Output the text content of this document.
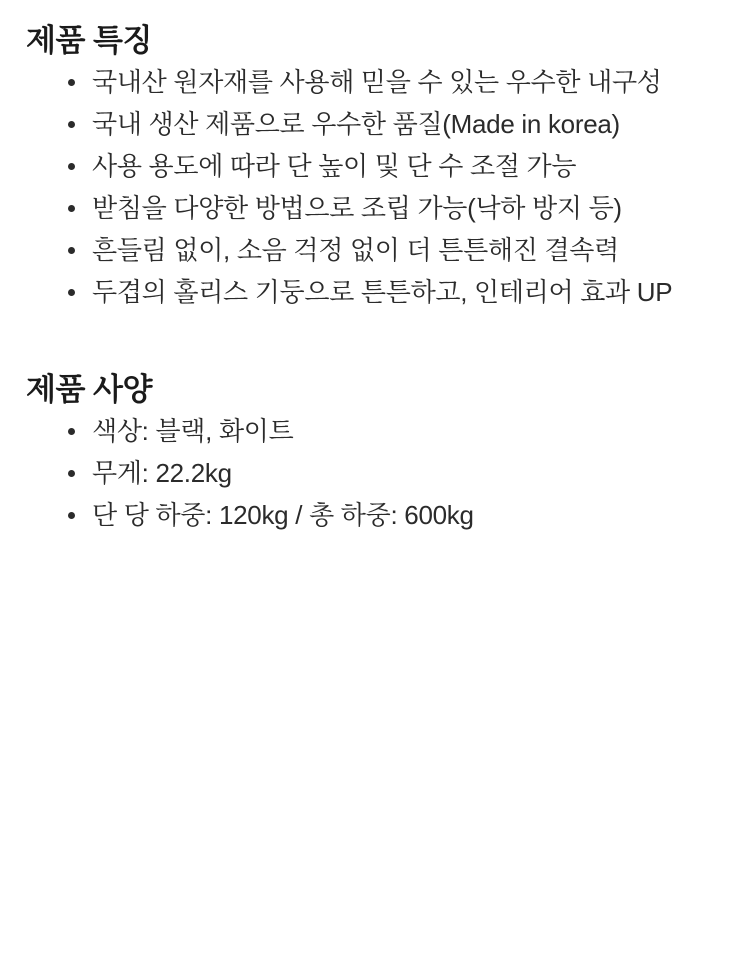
제품 특징
국내산 원자재를 사용해 믿을 수 있는 우수한 내구성
국내 생산 제품으로 우수한 품질(Made in korea)
사용 용도에 따라 단 높이 및 단 수 조절 가능
받침을 다양한 방법으로 조립 가능(낙하 방지 등)
흔들림 없이, 소음 걱정 없이 더 튼튼해진 결속력
두겹의 홀리스 기둥으로 튼튼하고, 인테리어 효과 UP
제품 사양
색상: 블랙, 화이트
무게: 22.2kg
단 당 하중: 120kg / 총 하중: 600kg
